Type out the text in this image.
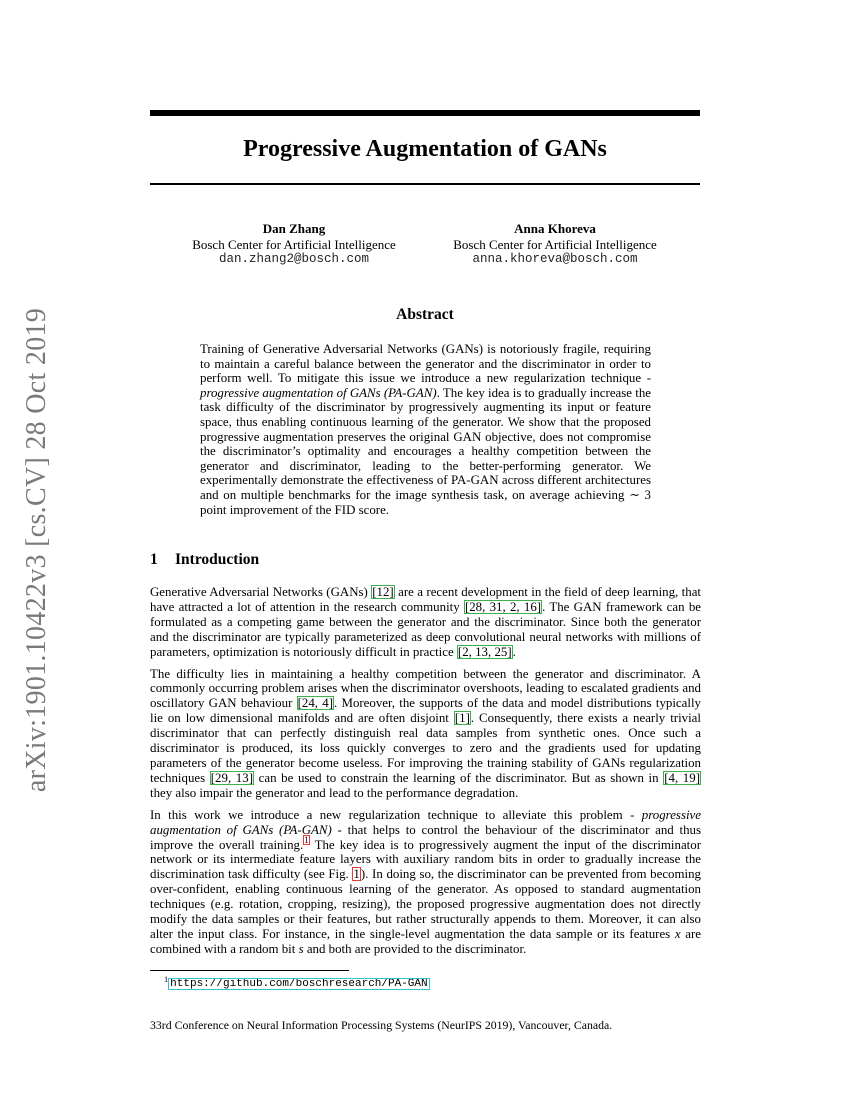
arXiv:1901.10422v3 [cs.CV] 28 Oct 2019
Progressive Augmentation of GANs
Dan Zhang
Bosch Center for Artificial Intelligence
dan.zhang2@bosch.com
Anna Khoreva
Bosch Center for Artificial Intelligence
anna.khoreva@bosch.com
Abstract
Training of Generative Adversarial Networks (GANs) is notoriously fragile, requiring to maintain a careful balance between the generator and the discriminator in order to perform well. To mitigate this issue we introduce a new regularization technique - progressive augmentation of GANs (PA-GAN). The key idea is to gradually increase the task difficulty of the discriminator by progressively augmenting its input or feature space, thus enabling continuous learning of the generator. We show that the proposed progressive augmentation preserves the original GAN objective, does not compromise the discriminator’s optimality and encourages a healthy competition between the generator and discriminator, leading to the better-performing generator. We experimentally demonstrate the effectiveness of PA-GAN across different architectures and on multiple benchmarks for the image synthesis task, on average achieving ∼ 3 point improvement of the FID score.
1 Introduction

Generative Adversarial Networks (GANs) [12] are a recent development in the field of deep learning, that have attracted a lot of attention in the research community [28, 31, 2, 16]. The GAN framework can be formulated as a competing game between the generator and the discriminator. Since both the generator and the discriminator are typically parameterized as deep convolutional neural networks with millions of parameters, optimization is notoriously difficult in practice [2, 13, 25].

The difficulty lies in maintaining a healthy competition between the generator and discriminator. A commonly occurring problem arises when the discriminator overshoots, leading to escalated gradients and oscillatory GAN behaviour [24, 4]. Moreover, the supports of the data and model distributions typically lie on low dimensional manifolds and are often disjoint [1]. Consequently, there exists a nearly trivial discriminator that can perfectly distinguish real data samples from synthetic ones. Once such a discriminator is produced, its loss quickly converges to zero and the gradients used for updating parameters of the generator become useless. For improving the training stability of GANs regularization techniques [29, 13] can be used to constrain the learning of the discriminator. But as shown in [4, 19] they also impair the generator and lead to the performance degradation.

In this work we introduce a new regularization technique to alleviate this problem - progressive augmentation of GANs (PA-GAN) - that helps to control the behaviour of the discriminator and thus improve the overall training.$^1$ The key idea is to progressively augment the input of the discriminator network or its intermediate feature layers with auxiliary random bits in order to gradually increase the discrimination task difficulty (see Fig. 1). In doing so, the discriminator can be prevented from becoming over-confident, enabling continuous learning of the generator. As opposed to standard augmentation techniques (e.g. rotation, cropping, resizing), the proposed progressive augmentation does not directly modify the data samples or their features, but rather structurally appends to them. Moreover, it can also alter the input class. For instance, in the single-level augmentation the data sample or its features x are combined with a random bit s and both are provided to the discriminator.

$^1$ https://github.com/boschresearch/PA-GAN
33rd Conference on Neural Information Processing Systems (NeurIPS 2019), Vancouver, Canada.
